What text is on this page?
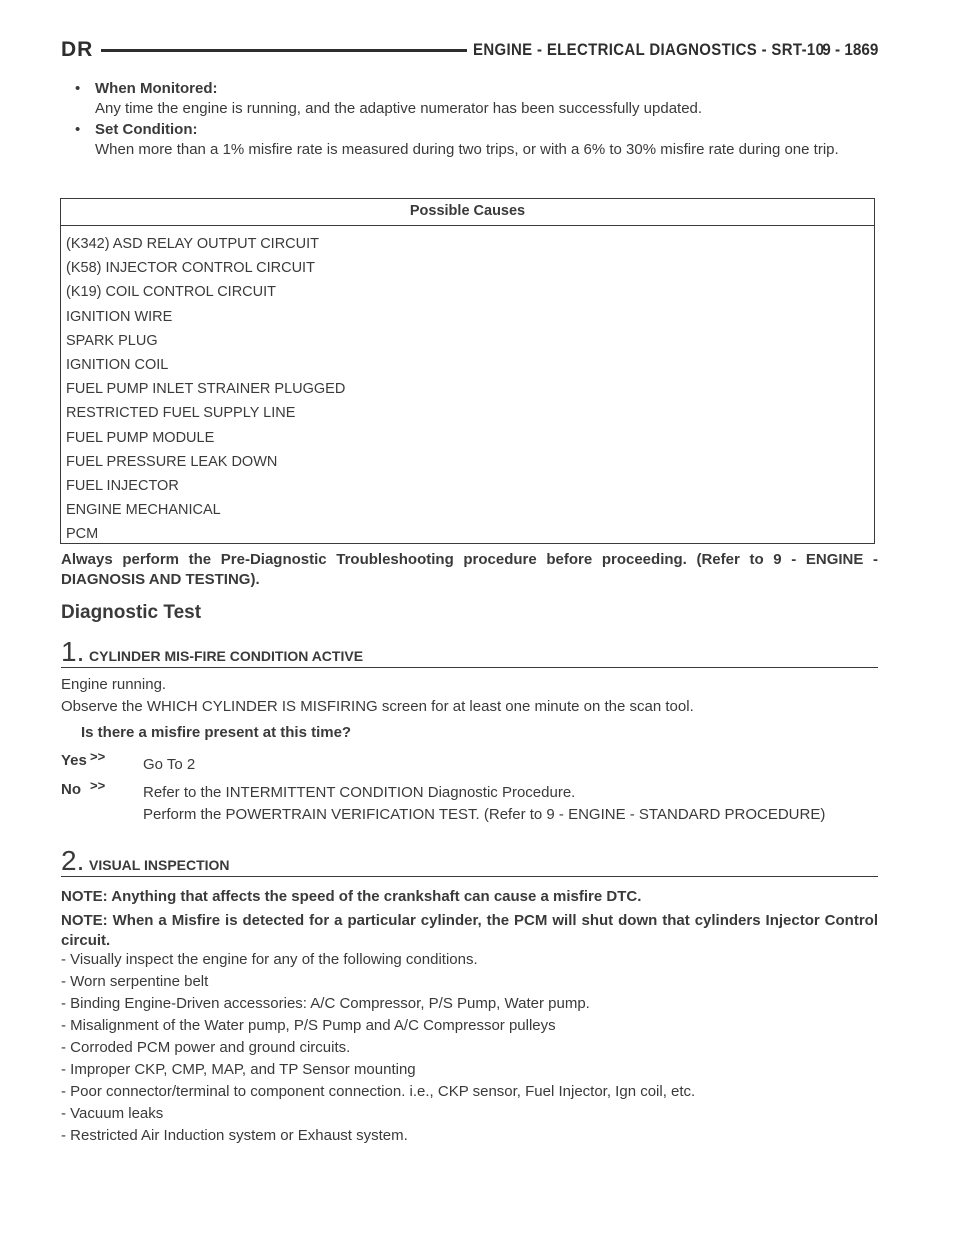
DR	ENGINE - ELECTRICAL DIAGNOSTICS - SRT-10
9 - 1869
• When Monitored:
Any time the engine is running, and the adaptive numerator has been successfully updated.
• Set Condition:
When more than a 1% misfire rate is measured during two trips, or with a 6% to 30% misfire rate during one trip.
Possible Causes
(K342) ASD RELAY OUTPUT CIRCUIT
(K58) INJECTOR CONTROL CIRCUIT
(K19) COIL CONTROL CIRCUIT
IGNITION WIRE
SPARK PLUG
IGNITION COIL
FUEL PUMP INLET STRAINER PLUGGED
RESTRICTED FUEL SUPPLY LINE
FUEL PUMP MODULE
FUEL PRESSURE LEAK DOWN
FUEL INJECTOR
ENGINE MECHANICAL
PCM
Always perform the Pre-Diagnostic Troubleshooting procedure before proceeding. (Refer to 9 - ENGINE - DIAGNOSIS AND TESTING).
Diagnostic Test
1. CYLINDER MIS-FIRE CONDITION ACTIVE
Engine running.
Observe the WHICH CYLINDER IS MISFIRING screen for at least one minute on the scan tool.
Is there a misfire present at this time?
Yes >>	Go To 2
No >>	Refer to the INTERMITTENT CONDITION Diagnostic Procedure.
Perform the POWERTRAIN VERIFICATION TEST. (Refer to 9 - ENGINE - STANDARD PROCEDURE)
2. VISUAL INSPECTION
NOTE: Anything that affects the speed of the crankshaft can cause a misfire DTC.
NOTE: When a Misfire is detected for a particular cylinder, the PCM will shut down that cylinders Injector Control circuit.
- Visually inspect the engine for any of the following conditions.
- Worn serpentine belt
- Binding Engine-Driven accessories: A/C Compressor, P/S Pump, Water pump.
- Misalignment of the Water pump, P/S Pump and A/C Compressor pulleys
- Corroded PCM power and ground circuits.
- Improper CKP, CMP, MAP, and TP Sensor mounting
- Poor connector/terminal to component connection. i.e., CKP sensor, Fuel Injector, Ign coil, etc.
- Vacuum leaks
- Restricted Air Induction system or Exhaust system.
